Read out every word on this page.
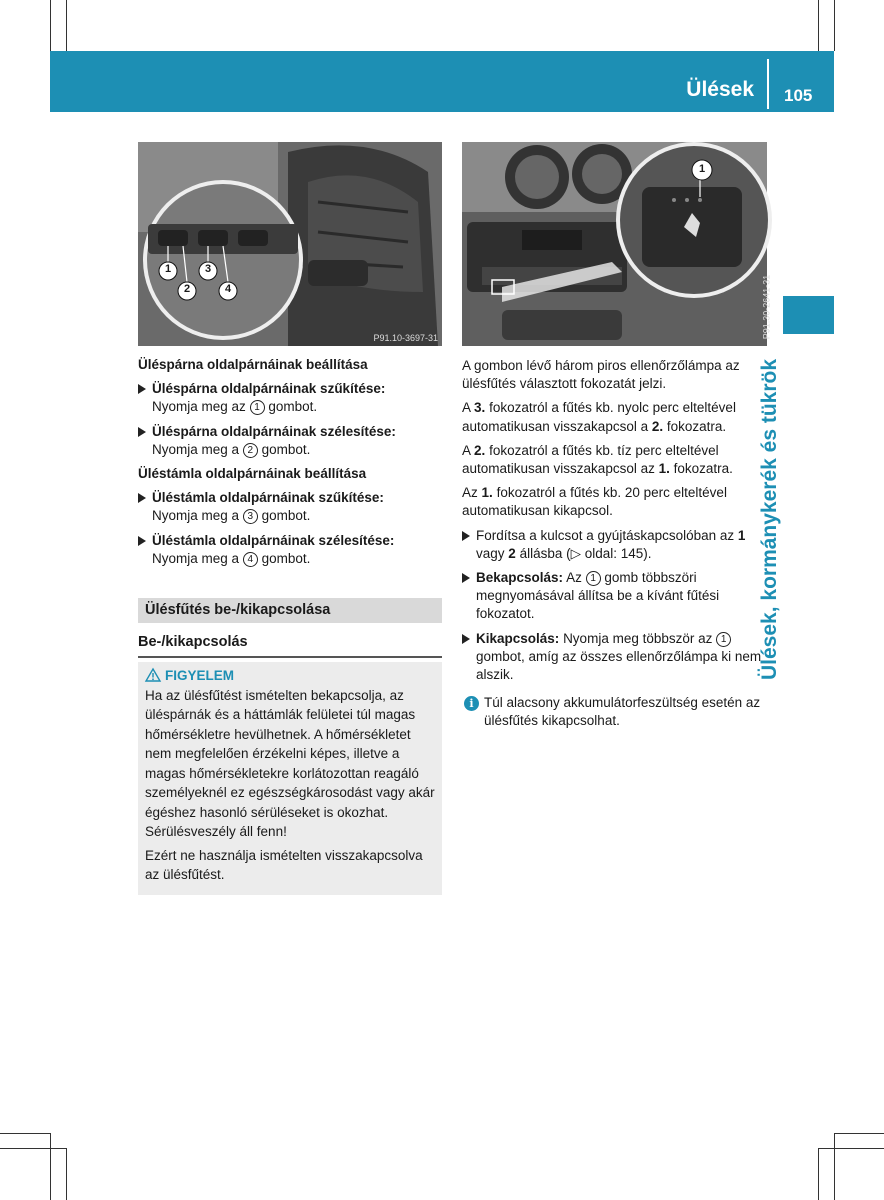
Ülések 105
Ülések, kormánykerék és tükrök
1
2
3
4
P91.10-3697-31
1
P91.30-2641-31

Üléspárna oldalpárnáinak beállítása

Üléspárna oldalpárnáinak szűkítése:
Nyomja meg az 1 gombot.
Üléspárna oldalpárnáinak szélesítése:
Nyomja meg a 2 gombot.

Üléstámla oldalpárnáinak beállítása

Üléstámla oldalpárnáinak szűkítése:
Nyomja meg a 3 gombot.
Üléstámla oldalpárnáinak szélesítése:
Nyomja meg a 4 gombot.
Ülésfűtés be-/kikapcsolása
Be-/kikapcsolás
FIGYELEM

Ha az ülésfűtést ismételten bekapcsolja, az üléspárnák és a háttámlák felületei túl magas hőmérsékletre hevülhetnek. A hőmérsékletet nem megfelelően érzékelni képes, illetve a magas hőmérsékletekre korlátozottan reagáló személyeknél ez egészségkárosodást vagy akár égéshez hasonló sérüléseket is okozhat. Sérülésveszély áll fenn!

Ezért ne használja ismételten visszakapcsolva az ülésfűtést.

A gombon lévő három piros ellenőrzőlámpa az ülésfűtés választott fokozatát jelzi.

A 3. fokozatról a fűtés kb. nyolc perc elteltével automatikusan visszakapcsol a 2. fokozatra.

A 2. fokozatról a fűtés kb. tíz perc elteltével automatikusan visszakapcsol az 1. fokozatra.

Az 1. fokozatról a fűtés kb. 20 perc elteltével automatikusan kikapcsol.

Fordítsa a kulcsot a gyújtáskapcsolóban az 1 vagy 2 állásba (▷ oldal: 145).
Bekapcsolás: Az 1 gomb többszöri megnyomásával állítsa be a kívánt fűtési fokozatot.
Kikapcsolás: Nyomja meg többször az 1 gombot, amíg az összes ellenőrzőlámpa ki nem alszik.
i Túl alacsony akkumulátorfeszültség esetén az ülésfűtés kikapcsolhat.
